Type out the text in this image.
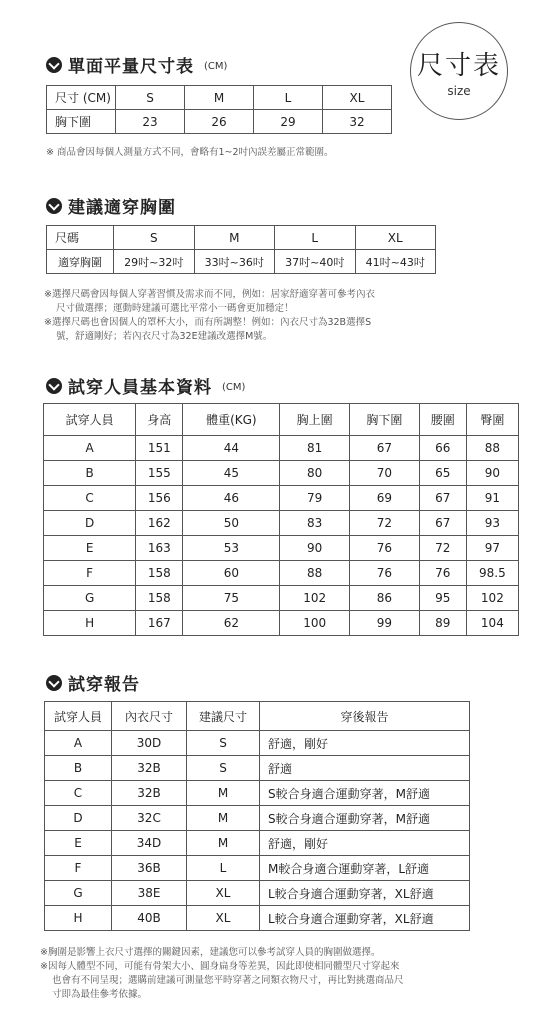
尺寸表
size
單面平量尺寸表 (CM)
尺寸 (CM)	S	M	L	XL
胸下圍	23	26	29	32
※ 商品會因每個人測量方式不同，會略有1~2吋內誤差屬正常範圍。
建議適穿胸圍
尺碼	S	M	L	XL
適穿胸圍	29吋~32吋	33吋~36吋	37吋~40吋	41吋~43吋
※選擇尺碼會因每個人穿著習慣及需求而不同，例如：居家舒適穿著可參考內衣
尺寸做選擇；運動時建議可選比平常小一碼會更加穩定！
※選擇尺碼也會因個人的罩杯大小，而有所調整！例如：內衣尺寸為32B選擇S
號，舒適剛好；若內衣尺寸為32E建議改選擇M號。
試穿人員基本資料 (CM)
試穿人員	身高	體重(KG)	胸上圍	胸下圍	腰圍	臀圍
A	151	44	81	67	66	88
B	155	45	80	70	65	90
C	156	46	79	69	67	91
D	162	50	83	72	67	93
E	163	53	90	76	72	97
F	158	60	88	76	76	98.5
G	158	75	102	86	95	102
H	167	62	100	99	89	104
試穿報告
試穿人員	內衣尺寸	建議尺寸	穿後報告
A	30D	S	舒適，剛好
B	32B	S	舒適
C	32B	M	S較合身適合運動穿著，M舒適
D	32C	M	S較合身適合運動穿著，M舒適
E	34D	M	舒適，剛好
F	36B	L	M較合身適合運動穿著，L舒適
G	38E	XL	L較合身適合運動穿著，XL舒適
H	40B	XL	L較合身適合運動穿著，XL舒適
※胸圍是影響上衣尺寸選擇的關鍵因素，建議您可以參考試穿人員的胸圍做選擇。
※因每人體型不同，可能有骨架大小、圓身扁身等差異，因此即使相同體型尺寸穿起來
也會有不同呈現；選購前建議可測量您平時穿著之同類衣物尺寸，再比對挑選商品尺
寸即為最佳參考依據。
